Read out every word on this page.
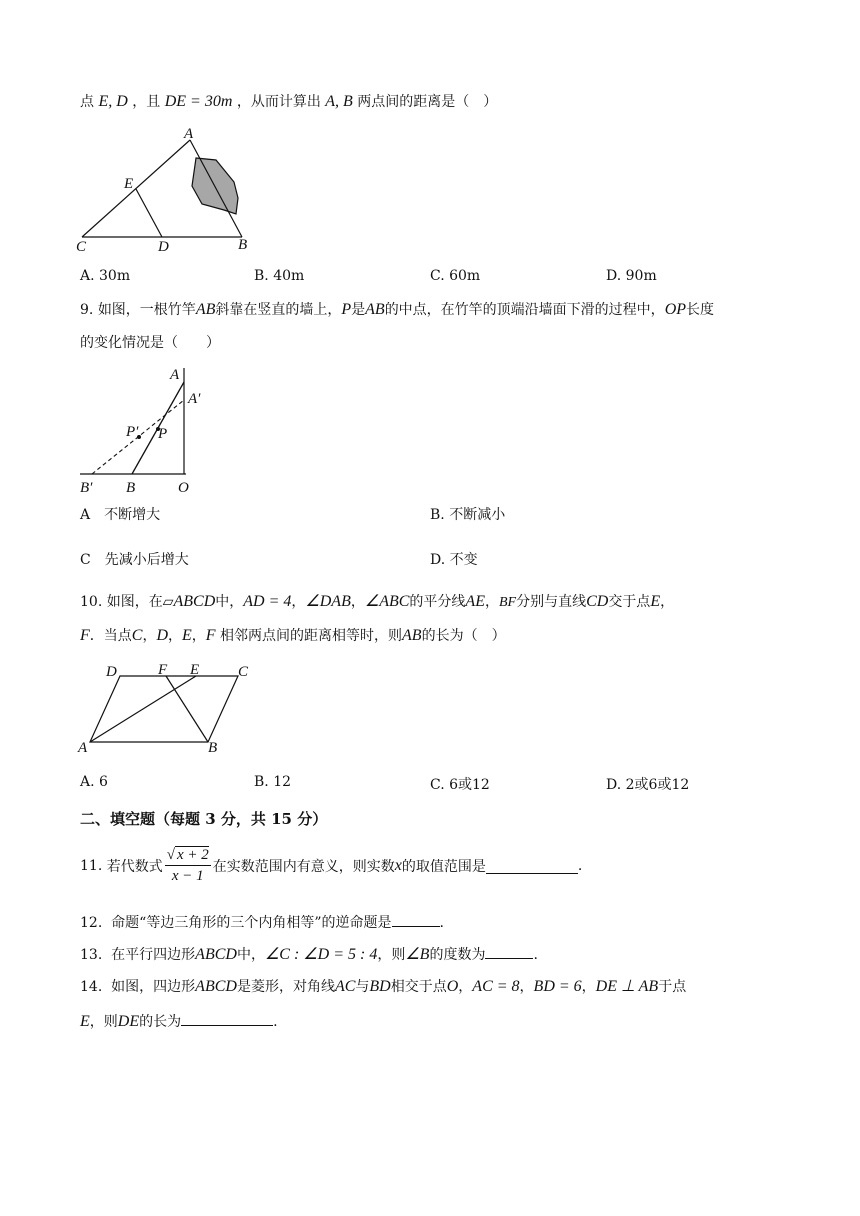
点 E, D ，且 DE = 30m ，从而计算出 A, B 两点间的距离是（　）
A
E
C	D	B
A. 30m	B. 40m	C. 60m	D. 90m
9. 如图，一根竹竿AB斜靠在竖直的墙上，P是AB的中点，在竹竿的顶端沿墙面下滑的过程中，OP长度
的变化情况是（　　）
A
A′
P′ P
B′ B	O
A　不断增大	B. 不断减小
C　先减小后增大	D. 不变
10. 如图，在▱ABCD中，AD = 4，∠DAB，∠ABC的平分线AE，BF分别与直线CD交于点E，
F．当点C，D，E，F 相邻两点间的距离相等时，则AB的长为（　）
D	F E	C
A	B
A. 6	B. 12	C. 6或12	D. 2或6或12
二、填空题（每题 3 分，共 15 分）
11.
若代数式 $\frac{√ x + 2}{x - 1}$ 在实数范围内有意义，则实数 x 的取值范围是	.
12. 命题“等边三角形的三个内角相等”的逆命题是	.
13. 在平行四边形ABCD中，∠C : ∠D = 5 : 4，则∠B的度数为	.
14. 如图，四边形ABCD是菱形，对角线AC与BD相交于点O，AC = 8，BD = 6，DE ⊥ AB于点
E，则DE的长为	.
